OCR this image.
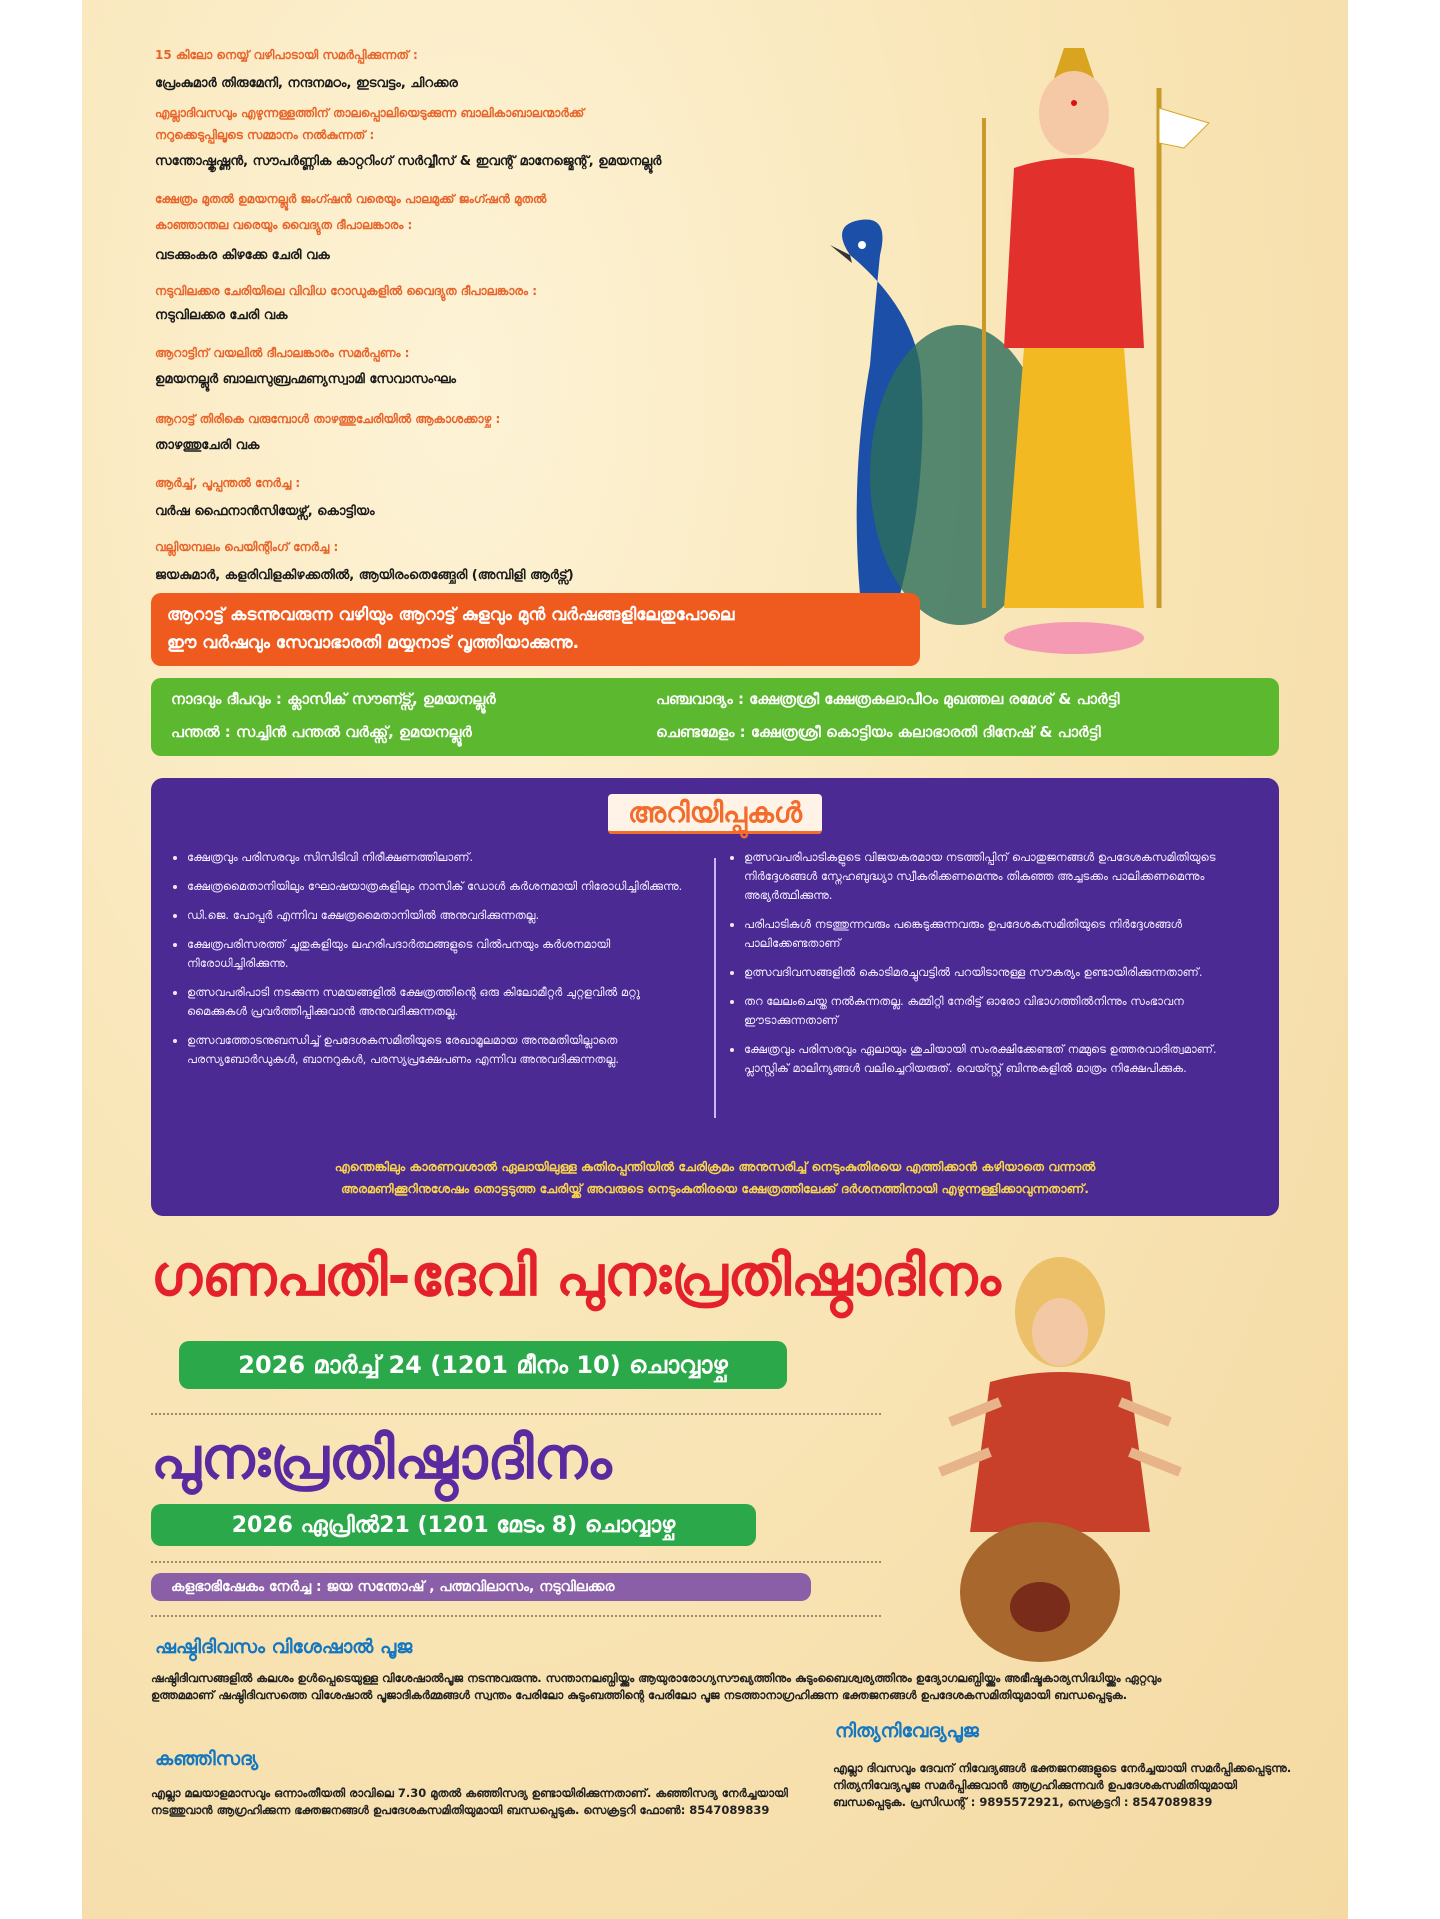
15 കിലോ നെയ്യ് വഴിപാടായി സമർപ്പിക്കുന്നത് :
പ്രേംകുമാർ തിരുമേനി, നന്ദനമഠം, ഇടവട്ടം, ചിറക്കര
എല്ലാദിവസവും എഴുന്നള്ളത്തിന് താലപ്പൊലിയെടുക്കുന്ന ബാലികാബാലന്മാർക്ക്
നറുക്കെടുപ്പിലൂടെ സമ്മാനം നൽകുന്നത് :
സന്തോഷ്കൃഷ്ണൻ, സൗപർണ്ണിക കാറ്ററിംഗ് സർവ്വീസ് & ഇവന്റ് മാനേജ്മെന്റ്, ഉമയനല്ലൂർ
ക്ഷേത്രം മുതൽ ഉമയനല്ലൂർ ജംഗ്ഷൻ വരെയും പാലമുക്ക് ജംഗ്ഷൻ മുതൽ
കാഞ്ഞാന്തല വരെയും വൈദ്യുത ദീപാലങ്കാരം :
വടക്കുംകര കിഴക്കേ ചേരി വക
നടുവിലക്കര ചേരിയിലെ വിവിധ റോഡുകളിൽ വൈദ്യുത ദീപാലങ്കാരം :
നടുവിലക്കര ചേരി വക
ആറാട്ടിന് വയലിൽ ദീപാലങ്കാരം സമർപ്പണം :
ഉമയനല്ലൂർ ബാലസുബ്രഹ്മണ്യസ്വാമി സേവാസംഘം
ആറാട്ട് തിരികെ വരുമ്പോൾ താഴത്തുചേരിയിൽ ആകാശക്കാഴ്ച :
താഴത്തുചേരി വക
ആർച്ച്, പൂപ്പന്തൽ നേർച്ച :
വർഷ ഫൈനാൻസിയേഴ്സ്, കൊട്ടിയം
വല്ലിയമ്പലം പെയിന്റിംഗ് നേർച്ച :
ജയകുമാർ, കളരിവിളകിഴക്കതിൽ, ആയിരംതെങ്ങ്ചേരി (അമ്പിളി ആർട്സ്)
ആറാട്ട് കടന്നുവരുന്ന വഴിയും ആറാട്ട് കുളവും മുൻ വർഷങ്ങളിലേതുപോലെ
ഈ വർഷവും സേവാഭാരതി മയ്യനാട് വൃത്തിയാക്കുന്നു.
നാദവും ദീപവും : ക്ലാസിക് സൗണ്ട്സ്, ഉമയനല്ലൂർ
പന്തൽ : സച്ചിൻ പന്തൽ വർക്ക്സ്, ഉമയനല്ലൂർ
പഞ്ചവാദ്യം : ക്ഷേത്രശ്രീ ക്ഷേത്രകലാപീഠം മുഖത്തല രമേശ് & പാർട്ടി
ചെണ്ടമേളം : ക്ഷേത്രശ്രീ കൊട്ടിയം കലാഭാരതി ദിനേഷ് & പാർട്ടി
അറിയിപ്പുകൾ
• ക്ഷേത്രവും പരിസരവും സിസിടിവി നിരീക്ഷണത്തിലാണ്.
• ക്ഷേത്രമൈതാനിയിലും ഘോഷയാത്രകളിലും നാസിക് ഡോൾ കർശനമായി നിരോധിച്ചിരിക്കുന്നു.
• ഡി.ജെ. പോപ്പർ എന്നിവ ക്ഷേത്രമൈതാനിയിൽ അനുവദിക്കുന്നതല്ല.
• ക്ഷേത്രപരിസരത്ത് ചൂതുകളിയും ലഹരിപദാർത്ഥങ്ങളുടെ വിൽപനയും കർശനമായി നിരോധിച്ചിരിക്കുന്നു.
• ഉത്സവപരിപാടി നടക്കുന്ന സമയങ്ങളിൽ ക്ഷേത്രത്തിന്റെ ഒരു കിലോമീറ്റർ ചുറ്റളവിൽ മറ്റു മൈക്കുകൾ പ്രവർത്തിപ്പിക്കുവാൻ അനുവദിക്കുന്നതല്ല.
• ഉത്സവത്തോടനുബന്ധിച്ച് ഉപദേശകസമിതിയുടെ രേഖാമൂലമായ അനുമതിയില്ലാതെ പരസ്യബോർഡുകൾ, ബാനറുകൾ, പരസ്യപ്രക്ഷേപണം എന്നിവ അനുവദിക്കുന്നതല്ല.
• ഉത്സവപരിപാടികളുടെ വിജയകരമായ നടത്തിപ്പിന് പൊതുജനങ്ങൾ ഉപദേശകസമിതിയുടെ നിർദ്ദേശങ്ങൾ സ്നേഹബുദ്ധ്യാ സ്വീകരിക്കണമെന്നും തികഞ്ഞ അച്ചടക്കം പാലിക്കണമെന്നും അഭ്യർത്ഥിക്കുന്നു.
• പരിപാടികൾ നടത്തുന്നവരും പങ്കെടുക്കുന്നവരും ഉപദേശകസമിതിയുടെ നിർദ്ദേശങ്ങൾ പാലിക്കേണ്ടതാണ്
• ഉത്സവദിവസങ്ങളിൽ കൊടിമരച്ചുവട്ടിൽ പറയിടാനുള്ള സൗകര്യം ഉണ്ടായിരിക്കുന്നതാണ്.
• തറ ലേലംചെയ്ത നൽകുന്നതല്ല. കമ്മിറ്റി നേരിട്ട് ഓരോ വിഭാഗത്തിൽനിന്നും സംഭാവന ഈടാക്കുന്നതാണ്
• ക്ഷേത്രവും പരിസരവും ഏലായും ശുചിയായി സംരക്ഷിക്കേണ്ടത് നമ്മുടെ ഉത്തരവാദിത്വമാണ്. പ്ലാസ്റ്റിക് മാലിന്യങ്ങൾ വലിച്ചെറിയരുത്. വെയ്സ്റ്റ് ബിന്നുകളിൽ മാത്രം നിക്ഷേപിക്കുക.
എന്തെങ്കിലും കാരണവശാൽ ഏലായിലുള്ള കുതിരപ്പന്തിയിൽ ചേരിക്രമം അനുസരിച്ച് നെടുംകുതിരയെ എത്തിക്കാൻ കഴിയാതെ വന്നാൽ
അരമണിക്കൂറിനുശേഷം തൊട്ടടുത്ത ചേരിയ്ക്ക് അവരുടെ നെടുംകുതിരയെ ക്ഷേത്രത്തിലേക്ക് ദർശനത്തിനായി എഴുന്നള്ളിക്കാവുന്നതാണ്.
ഗണപതി-ദേവി പുനഃപ്രതിഷ്ഠാദിനം
2026 മാർച്ച് 24 (1201 മീനം 10) ചൊവ്വാഴ്ച
പുനഃപ്രതിഷ്ഠാദിനം
2026 ഏപ്രിൽ21 (1201 മേടം 8) ചൊവ്വാഴ്ച
കളഭാഭിഷേകം നേർച്ച : ജയ സന്തോഷ് , പത്മവിലാസം, നടുവിലക്കര
ഷഷ്ഠിദിവസം വിശേഷാൽ പൂജ
ഷഷ്ഠിദിവസങ്ങളിൽ കലശം ഉൾപ്പെടെയുള്ള വിശേഷാൽപൂജ നടന്നുവരുന്നു. സന്താനലബ്ധിയ്ക്കും ആയുരാരോഗ്യസൗഖ്യത്തിനും കുടുംബൈശ്വര്യത്തിനും ഉദ്യോഗലബ്ധിയ്ക്കും അഭീഷ്ടകാര്യസിദ്ധിയ്ക്കും ഏറ്റവും ഉത്തമമാണ് ഷഷ്ഠിദിവസത്തെ വിശേഷാൽ പൂജാദികർമ്മങ്ങൾ സ്വന്തം പേരിലോ കുടുംബത്തിന്റെ പേരിലോ പൂജ നടത്താനാഗ്രഹിക്കുന്ന ഭക്തജനങ്ങൾ ഉപദേശകസമിതിയുമായി ബന്ധപ്പെടുക.
കഞ്ഞിസദ്യ
എല്ലാ മലയാളമാസവും ഒന്നാംതീയതി രാവിലെ 7.30 മുതൽ കഞ്ഞിസദ്യ ഉണ്ടായിരിക്കുന്നതാണ്. കഞ്ഞിസദ്യ നേർച്ചയായി നടത്തുവാൻ ആഗ്രഹിക്കുന്ന ഭക്തജനങ്ങൾ ഉപദേശകസമിതിയുമായി ബന്ധപ്പെടുക. സെക്രട്ടറി ഫോൺ: 8547089839
നിത്യനിവേദ്യപൂജ
എല്ലാ ദിവസവും ദേവന് നിവേദ്യങ്ങൾ ഭക്തജനങ്ങളുടെ നേർച്ചയായി സമർപ്പിക്കപ്പെടുന്നു. നിത്യനിവേദ്യപൂജ സമർപ്പിക്കുവാൻ ആഗ്രഹിക്കുന്നവർ ഉപദേശകസമിതിയുമായി ബന്ധപ്പെടുക. പ്രസിഡന്റ് : 9895572921, സെക്രട്ടറി : 8547089839
